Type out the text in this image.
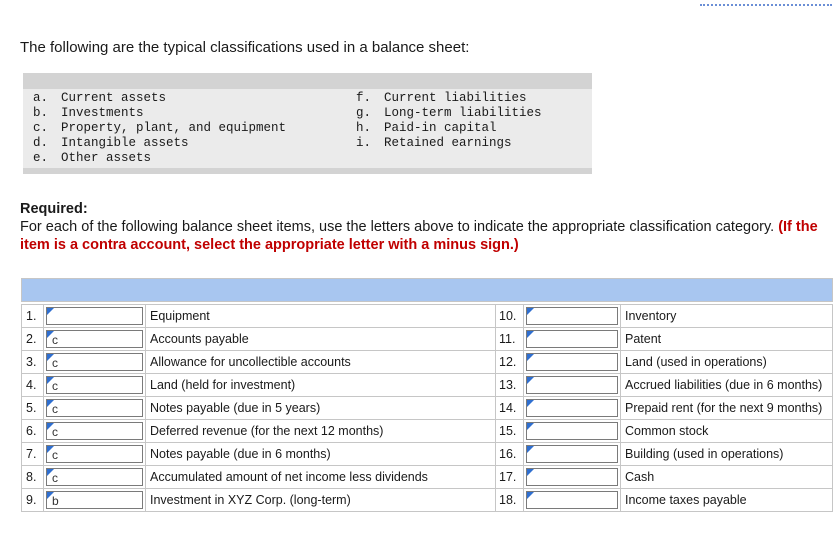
The following are the typical classifications used in a balance sheet:
a. Current assets
b. Investments
c. Property, plant, and equipment
d. Intangible assets
e. Other assets
f. Current liabilities
g. Long-term liabilities
h. Paid-in capital
i. Retained earnings
Required:
For each of the following balance sheet items, use the letters above to indicate the appropriate classification category. (If the item is a contra account, select the appropriate letter with a minus sign.)

1.		Equipment	10.		Inventory
2.	c	Accounts payable	11.		Patent
3.	c	Allowance for uncollectible accounts	12.		Land (used in operations)
4.	c	Land (held for investment)	13.		Accrued liabilities (due in 6 months)
5.	c	Notes payable (due in 5 years)	14.		Prepaid rent (for the next 9 months)
6.	c	Deferred revenue (for the next 12 months)	15.		Common stock
7.	c	Notes payable (due in 6 months)	16.		Building (used in operations)
8.	c	Accumulated amount of net income less dividends	17.		Cash
9.	b	Investment in XYZ Corp. (long-term)	18.		Income taxes payable
